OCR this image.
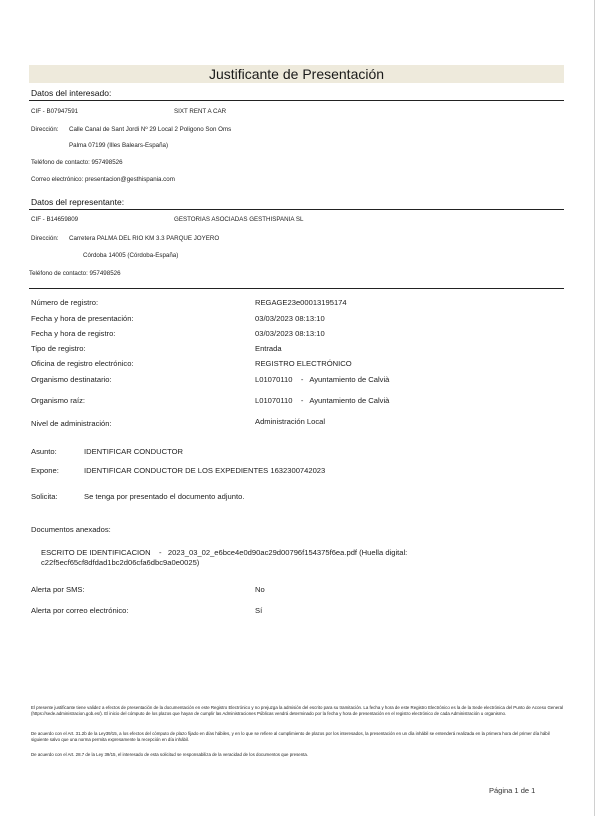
Justificante de Presentación
Datos del interesado:
CIF - B07947591	SIXT RENT A CAR
Dirección: Calle Canal de Sant Jordi Nº 29 Local 2 Poligono Son Oms
Palma 07199 (Illes Balears-España)
Teléfono de contacto: 957498526
Correo electrónico: presentacion@gesthispania.com
Datos del representante:
CIF - B14659809	GESTORIAS ASOCIADAS GESTHISPANIA SL
Dirección: Carretera PALMA DEL RIO KM 3.3 PARQUE JOYERO
Córdoba 14005 (Córdoba-España)
Teléfono de contacto: 957498526
Número de registro:	REGAGE23e00013195174
Fecha y hora de presentación:	03/03/2023 08:13:10
Fecha y hora de registro:	03/03/2023 08:13:10
Tipo de registro:	Entrada
Oficina de registro electrónico:	REGISTRO ELECTRÓNICO
Organismo destinatario:	L01070110    -   Ayuntamiento de Calvià
Organismo raíz:	L01070110    -   Ayuntamiento de Calvià
Nivel de administración:	Administración Local
Asunto:	IDENTIFICAR CONDUCTOR
Expone:	IDENTIFICAR CONDUCTOR DE LOS EXPEDIENTES 1632300742023
Solicita:	Se tenga por presentado el documento adjunto.
Documentos anexados:
ESCRITO DE IDENTIFICACION    -   2023_03_02_e6bce4e0d90ac29d00796f154375f6ea.pdf (Huella digital:
c22f5ecf65cf8dfdad1bc2d06cfa6dbc9a0e0025)
Alerta por SMS:	No
Alerta por correo electrónico:	Sí
El presente justificante tiene validez a efectos de presentación de la documentación en este Registro Electrónico y no prejuzga la admisión del escrito para su tramitación. La fecha y hora de este Registro Electrónico es la de la Sede electrónica del Punto de Acceso General (https://sede.administracion.gob.es/). El inicio del cómputo de los plazos que hayan de cumplir las Administraciones Públicas vendrá determinado por la fecha y hora de presentación en el registro electrónico de cada Administración u organismo.
De acuerdo con el Art. 31.2b de la Ley39/15, a los efectos del cómputo de plazo fijado en días hábiles, y en lo que se refiere al cumplimiento de plazos por los interesados, la presentación en un día inhábil se entenderá realizada en la primera hora del primer día hábil siguiente salvo que una norma permita expresamente la recepción en día inhábil.
De acuerdo con el Art. 28.7 de la Ley 39/15, el interesado de esta solicitud se responsabiliza de la veracidad de los documentos que presenta.
Página 1 de 1
